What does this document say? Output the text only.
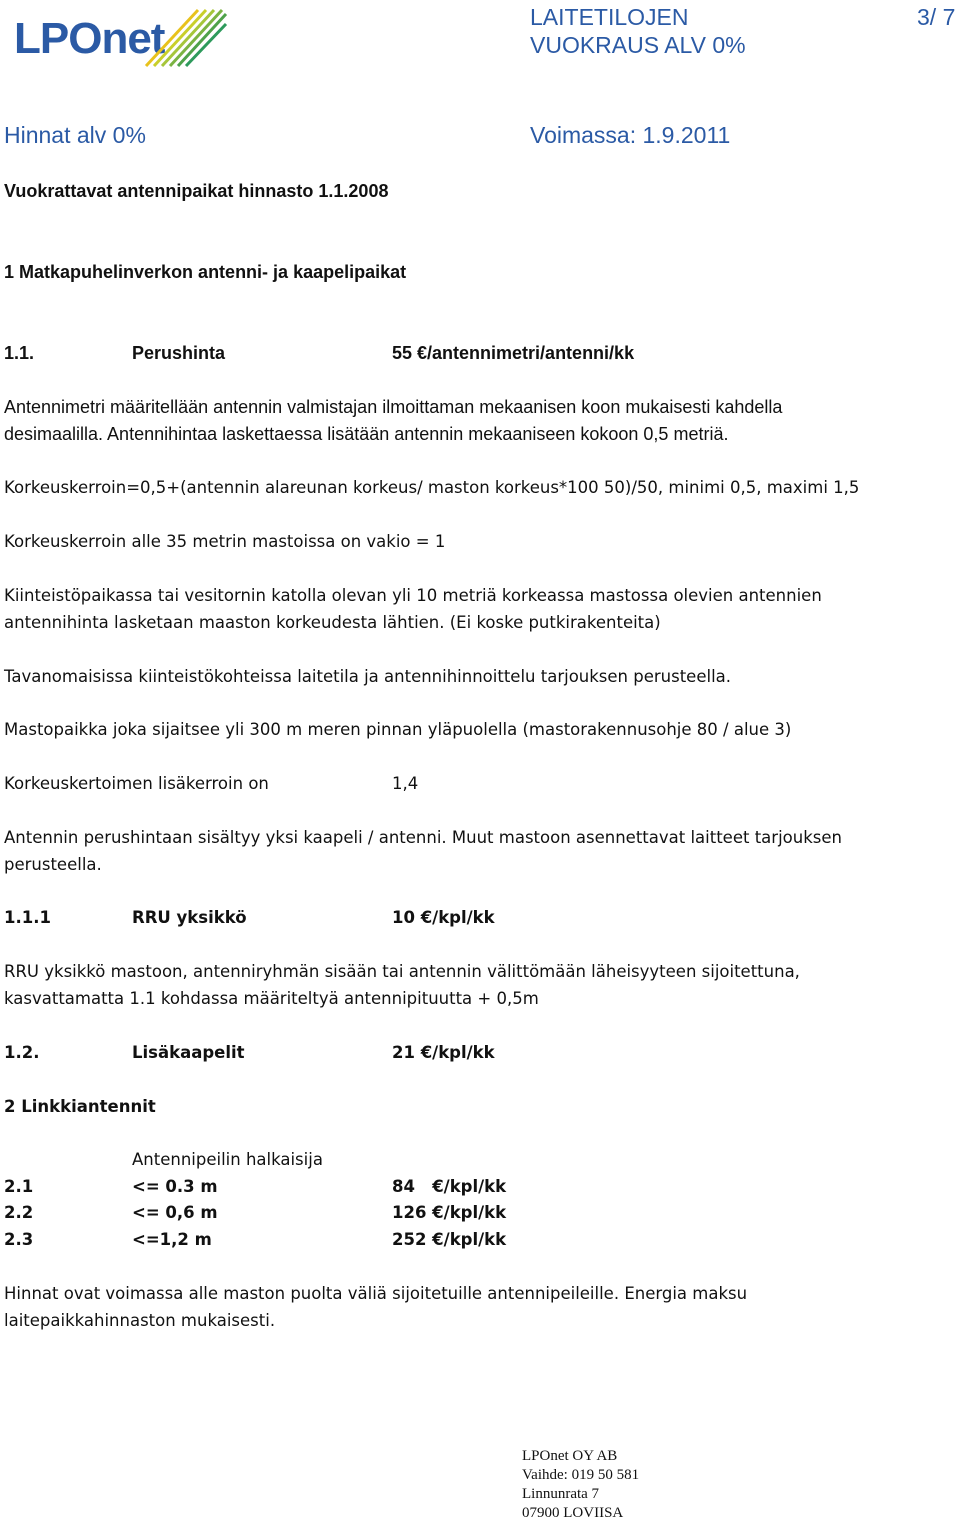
LPOnet	LAITETILOJEN
VUOKRAUS ALV 0%
3/ 7
Hinnat alv 0%	Voimassa: 1.9.2011
Vuokrattavat antennipaikat hinnasto 1.1.2008
1 Matkapuhelinverkon antenni- ja kaapelipaikat
1.1.	Perushinta	55 €/antennimetri/antenni/kk
Antennimetri määritellään antennin valmistajan ilmoittaman mekaanisen koon mukaisesti kahdella
desimaalilla. Antennihintaa laskettaessa lisätään antennin mekaaniseen kokoon 0,5 metriä.
Korkeuskerroin=0,5+(antennin alareunan korkeus/ maston korkeus*100 50)/50, minimi 0,5, maximi 1,5
Korkeuskerroin alle 35 metrin mastoissa on vakio = 1
Kiinteistöpaikassa tai vesitornin katolla olevan yli 10 metriä korkeassa mastossa olevien antennien antennihinta lasketaan maaston korkeudesta lähtien. (Ei koske putkirakenteita)
Tavanomaisissa kiinteistökohteissa laitetila ja antennihinnoittelu tarjouksen perusteella.
Mastopaikka joka sijaitsee yli 300 m meren pinnan yläpuolella (mastorakennusohje 80 / alue 3)
Korkeuskertoimen lisäkerroin on	1,4
Antennin perushintaan sisältyy yksi kaapeli / antenni. Muut mastoon asennettavat laitteet tarjouksen perusteella.
1.1.1	RRU yksikkö	10 €/kpl/kk
RRU yksikkö mastoon, antenniryhmän sisään tai antennin välittömään läheisyyteen sijoitettuna, kasvattamatta 1.1 kohdassa määriteltyä antennipituutta + 0,5m
1.2.	Lisäkaapelit	21 €/kpl/kk
2 Linkkiantennit
Antennipeilin halkaisija
2.1	<= 0.3 m	84   €/kpl/kk
2.2	<= 0,6 m	126 €/kpl/kk
2.3	<=1,2 m	252 €/kpl/kk
Hinnat ovat voimassa alle maston puolta väliä sijoitetuille antennipeileille. Energia maksu laitepaikkahinnaston mukaisesti.
LPOnet OY AB
Vaihde: 019 50 581
Linnunrata 7
07900 LOVIISA
